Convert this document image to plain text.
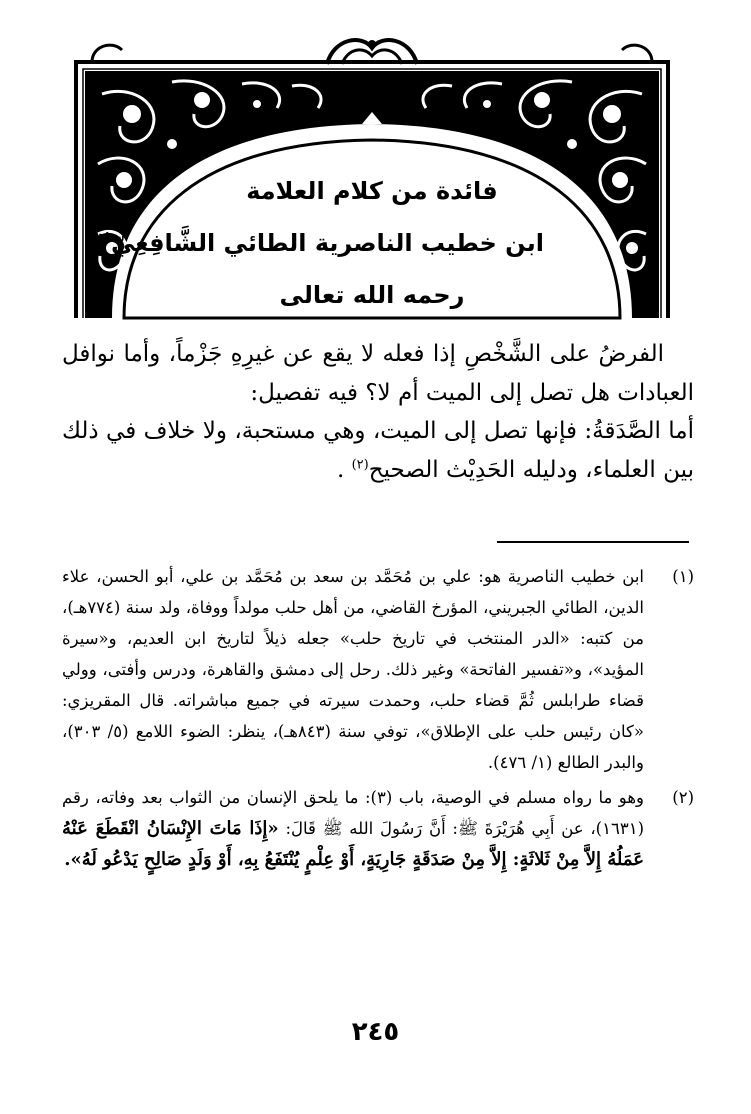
فائدة من كلام العلامة
ابن خطيب الناصرية الطائي الشَّافِعِيّ$^{(١)}$
رحمه الله تعالى

الفرضُ على الشَّخْصِ إذا فعله لا يقع عن غيرِهِ جَزْماً، وأما نوافل العبادات هل تصل إلى الميت أم لا؟ فيه تفصيل:

أما الصَّدَقةُ: فإنها تصل إلى الميت، وهي مستحبة، ولا خلاف في ذلك بين العلماء، ودليله الحَدِيْث الصحيح$^{(٢)}$ .

(١)
ابن خطيب الناصرية هو: علي بن مُحَمَّد بن سعد بن مُحَمَّد بن علي، أبو الحسن، علاء الدين، الطائي الجبريني، المؤرخ القاضي، من أهل حلب مولداً ووفاة، ولد سنة (٧٧٤هـ)، من كتبه: «الدر المنتخب في تاريخ حلب» جعله ذيلاً لتاريخ ابن العديم، و«سيرة المؤيد»، و«تفسير الفاتحة» وغير ذلك. رحل إلى دمشق والقاهرة، ودرس وأفتى، وولي قضاء طرابلس ثُمَّ قضاء حلب، وحمدت سيرته في جميع مباشراته. قال المقريزي: «كان رئيس حلب على الإطلاق»، توفي سنة (٨٤٣هـ)، ينظر: الضوء اللامع (٥/ ٣٠٣)، والبدر الطالع (١/ ٤٧٦).
(٢)
وهو ما رواه مسلم في الوصية، باب (٣): ما يلحق الإنسان من الثواب بعد وفاته، رقم (١٦٣١)، عن أَبِي هُرَيْرَةَ ﷺ: أَنَّ رَسُولَ الله ﷺ قَالَ: «إِذَا مَاتَ الإِنْسَانُ انْقَطَعَ عَنْهُ عَمَلُهُ إِلاَّ مِنْ ثَلاثَةٍ: إِلاَّ مِنْ صَدَقَةٍ جَارِيَةٍ، أَوْ عِلْمٍ يُنْتَفَعُ بِهِ، أَوْ وَلَدٍ صَالِحٍ يَدْعُو لَهُ».
٢٤٥
